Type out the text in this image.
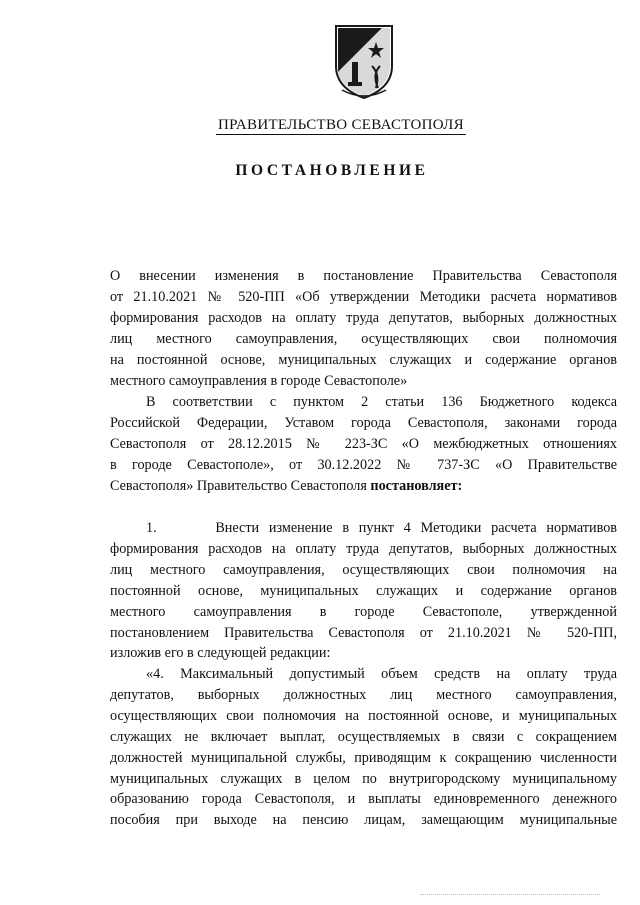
ПРАВИТЕЛЬСТВО СЕВАСТОПОЛЯ
ПОСТАНОВЛЕНИЕ
О внесении изменения в постановление Правительства Севастополя
от 21.10.2021 № 520-ПП «Об утверждении Методики расчета нормативов
формирования расходов на оплату труда депутатов, выборных должностных
лиц местного самоуправления, осуществляющих свои полномочия
на постоянной основе, муниципальных служащих и содержание органов
местного самоуправления в городе Севастополе»
В соответствии с пунктом 2 статьи 136 Бюджетного кодекса
Российской Федерации, Уставом города Севастополя, законами города
Севастополя от 28.12.2015 № 223-ЗС «О межбюджетных отношениях
в городе Севастополе», от 30.12.2022 № 737-ЗС «О Правительстве
Севастополя» Правительство Севастополя постановляет:
1.      Внести изменение в пункт 4 Методики расчета нормативов
формирования расходов на оплату труда депутатов, выборных должностных
лиц местного самоуправления, осуществляющих свои полномочия на
постоянной основе, муниципальных служащих и содержание органов
местного самоуправления в городе Севастополе, утвержденной
постановлением Правительства Севастополя от 21.10.2021 № 520-ПП,
изложив его в следующей редакции:
«4. Максимальный допустимый объем средств на оплату труда
депутатов, выборных должностных лиц местного самоуправления,
осуществляющих свои полномочия на постоянной основе, и муниципальных
служащих не включает выплат, осуществляемых в связи с сокращением
должностей муниципальной службы, приводящим к сокращению численности
муниципальных служащих в целом по внутригородскому муниципальному
образованию города Севастополя, и выплаты единовременного денежного
пособия при выходе на пенсию лицам, замещающим муниципальные
